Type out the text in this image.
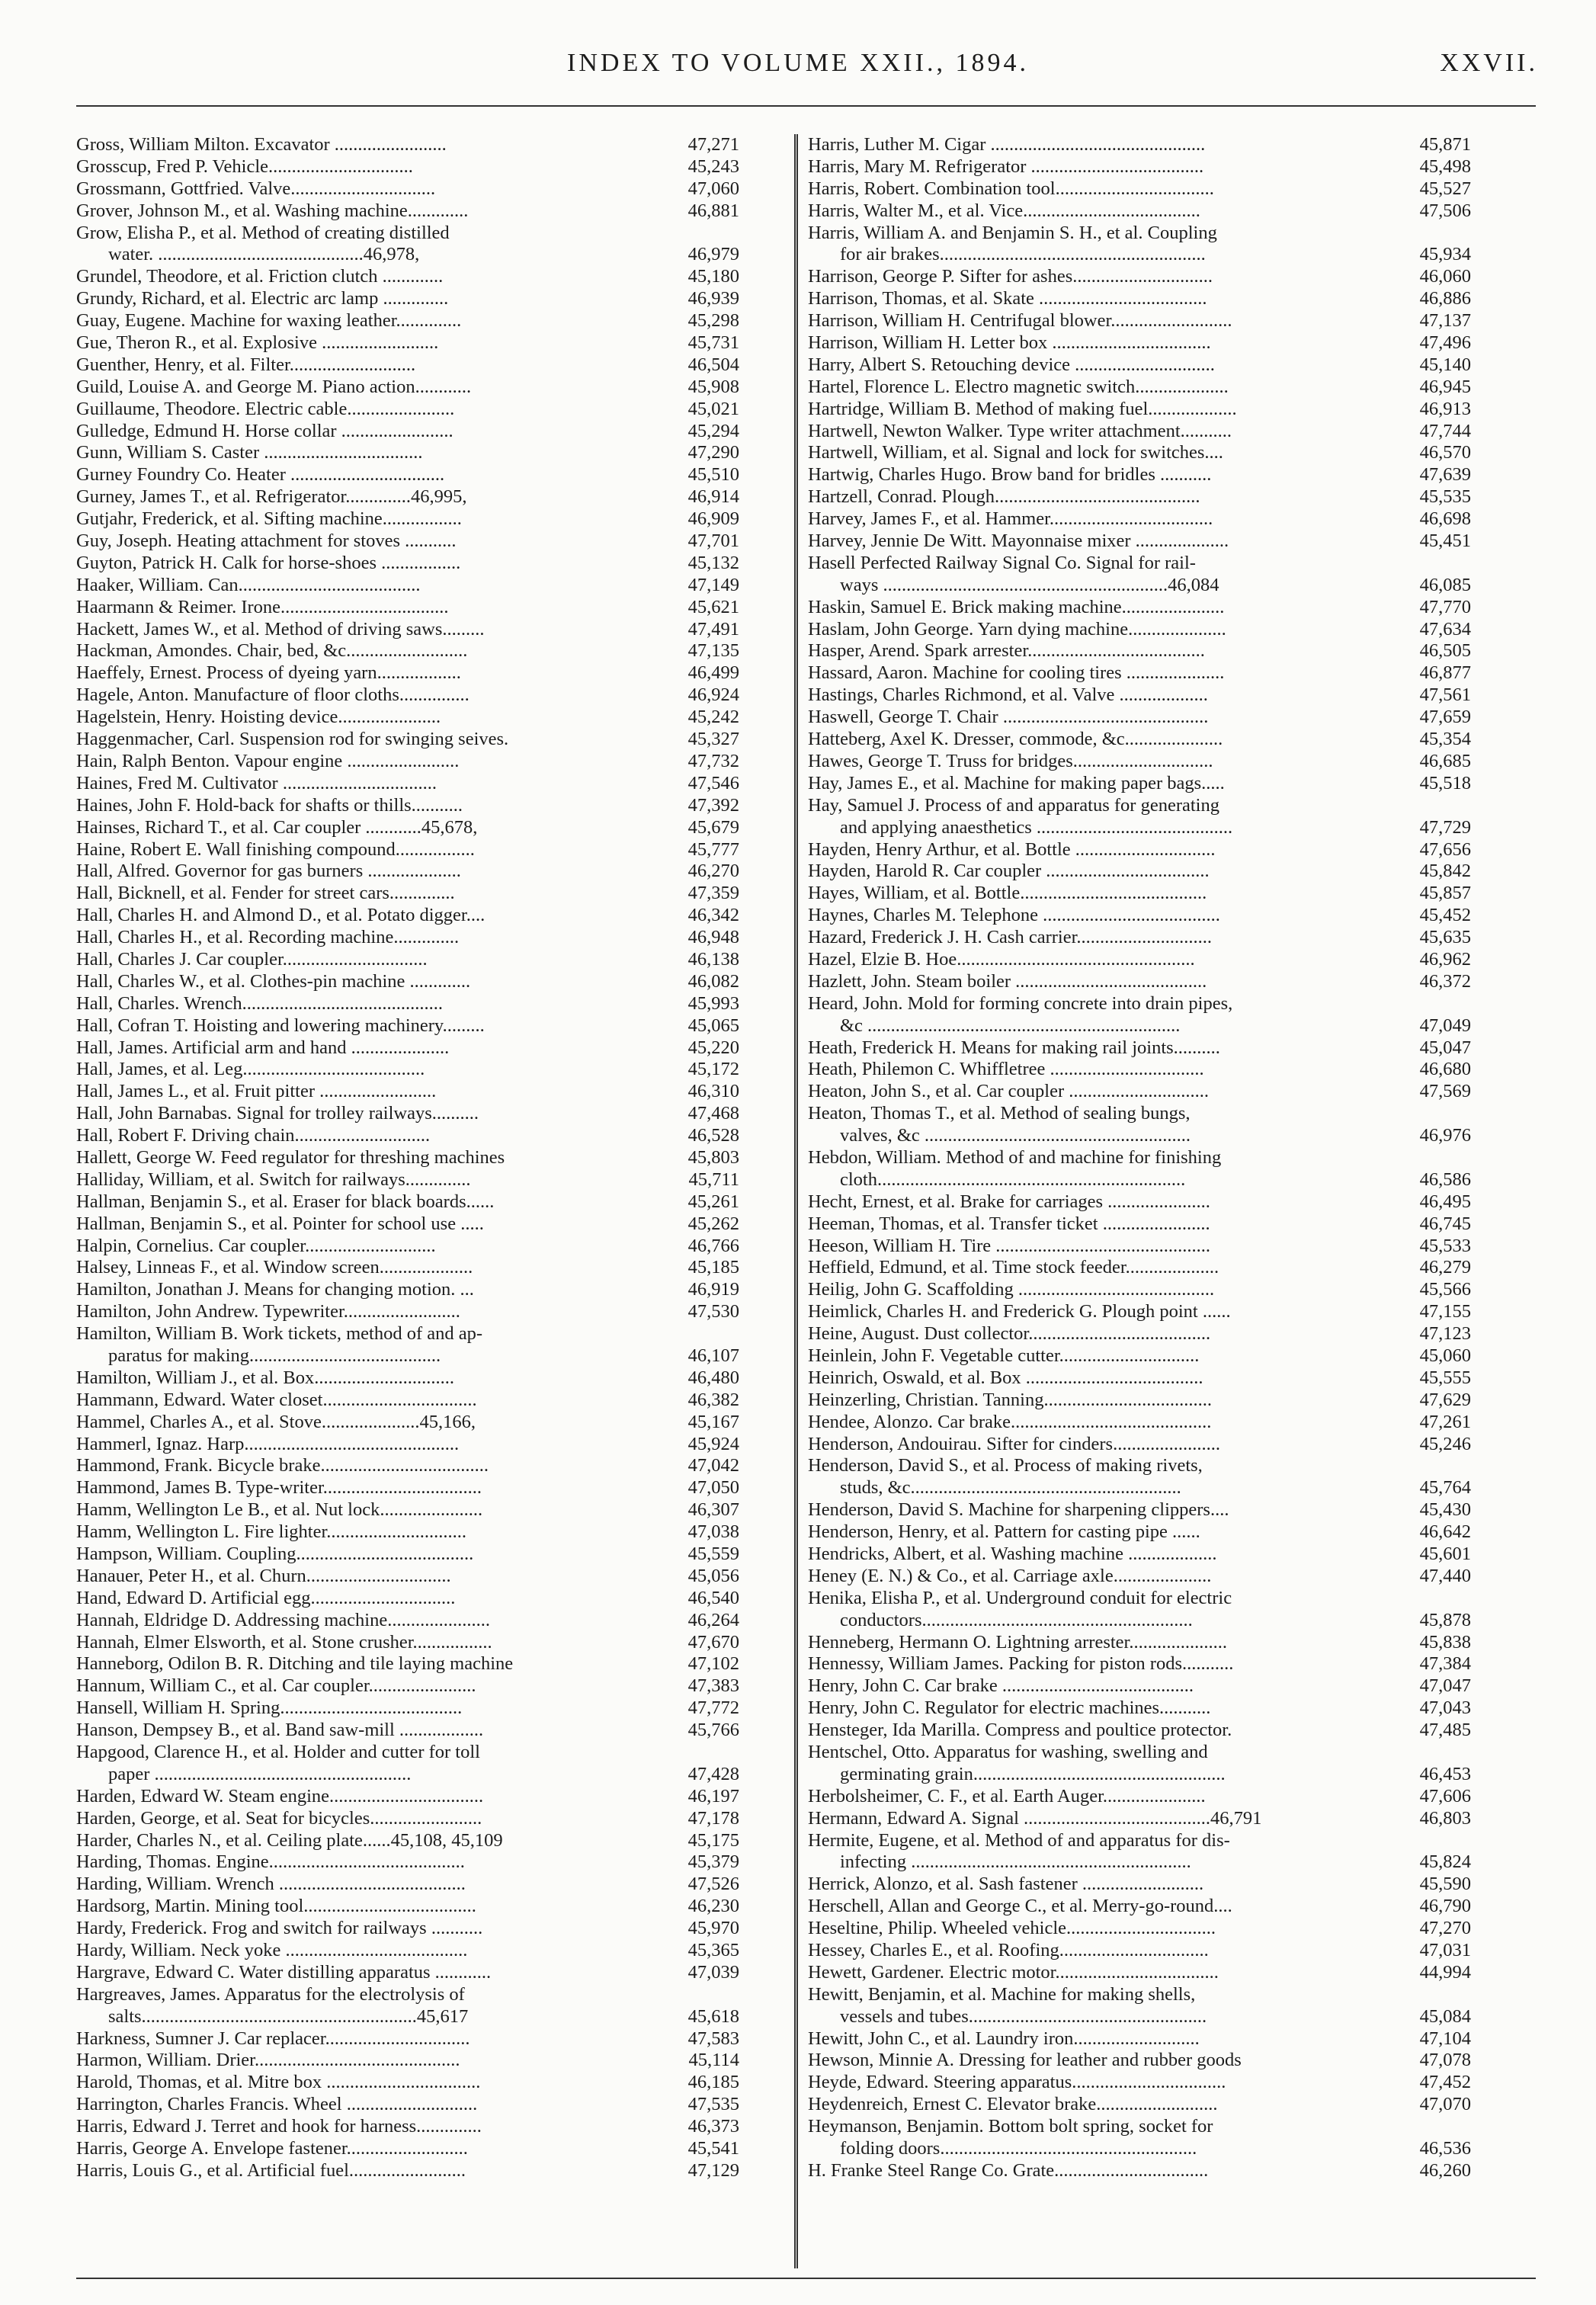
INDEX TO VOLUME XXII., 1894.	XXVII.
Gross, William Milton. Excavator ........................	47,271
Grosscup, Fred P. Vehicle...............................	45,243
Grossmann, Gottfried. Valve...............................	47,060
Grover, Johnson M., et al. Washing machine.............	46,881
Grow, Elisha P., et al. Method of creating distilled
water. ............................................46,978,	46,979
Grundel, Theodore, et al. Friction clutch .............	45,180
Grundy, Richard, et al. Electric arc lamp ..............	46,939
Guay, Eugene. Machine for waxing leather..............	45,298
Gue, Theron R., et al. Explosive .........................	45,731
Guenther, Henry, et al. Filter...........................	46,504
Guild, Louise A. and George M. Piano action............	45,908
Guillaume, Theodore. Electric cable.......................	45,021
Gulledge, Edmund H. Horse collar ........................	45,294
Gunn, William S. Caster ..................................	47,290
Gurney Foundry Co. Heater .................................	45,510
Gurney, James T., et al. Refrigerator..............46,995,	46,914
Gutjahr, Frederick, et al. Sifting machine.................	46,909
Guy, Joseph. Heating attachment for stoves ...........	47,701
Guyton, Patrick H. Calk for horse-shoes .................	45,132
Haaker, William. Can.......................................	47,149
Haarmann & Reimer. Irone....................................	45,621
Hackett, James W., et al. Method of driving saws.........	47,491
Hackman, Amondes. Chair, bed, &c..........................	47,135
Haeffely, Ernest. Process of dyeing yarn..................	46,499
Hagele, Anton. Manufacture of floor cloths...............	46,924
Hagelstein, Henry. Hoisting device......................	45,242
Haggenmacher, Carl. Suspension rod for swinging seives.	45,327
Hain, Ralph Benton. Vapour engine ........................	47,732
Haines, Fred M. Cultivator .................................	47,546
Haines, John F. Hold-back for shafts or thills...........	47,392
Hainses, Richard T., et al. Car coupler ............45,678,	45,679
Haine, Robert E. Wall finishing compound.................	45,777
Hall, Alfred. Governor for gas burners ....................	46,270
Hall, Bicknell, et al. Fender for street cars..............	47,359
Hall, Charles H. and Almond D., et al. Potato digger....	46,342
Hall, Charles H., et al. Recording machine..............	46,948
Hall, Charles J. Car coupler...............................	46,138
Hall, Charles W., et al. Clothes-pin machine .............	46,082
Hall, Charles. Wrench...........................................	45,993
Hall, Cofran T. Hoisting and lowering machinery.........	45,065
Hall, James. Artificial arm and hand .....................	45,220
Hall, James, et al. Leg.......................................	45,172
Hall, James L., et al. Fruit pitter .........................	46,310
Hall, John Barnabas. Signal for trolley railways..........	47,468
Hall, Robert F. Driving chain.............................	46,528
Hallett, George W. Feed regulator for threshing machines	45,803
Halliday, William, et al. Switch for railways..............	45,711
Hallman, Benjamin S., et al. Eraser for black boards......	45,261
Hallman, Benjamin S., et al. Pointer for school use .....	45,262
Halpin, Cornelius. Car coupler............................	46,766
Halsey, Linneas F., et al. Window screen....................	45,185
Hamilton, Jonathan J. Means for changing motion. ...	46,919
Hamilton, John Andrew. Typewriter.........................	47,530
Hamilton, William B. Work tickets, method of and ap-
paratus for making.........................................	46,107
Hamilton, William J., et al. Box..............................	46,480
Hammann, Edward. Water closet.................................	46,382
Hammel, Charles A., et al. Stove.....................45,166,	45,167
Hammerl, Ignaz. Harp..............................................	45,924
Hammond, Frank. Bicycle brake....................................	47,042
Hammond, James B. Type-writer..................................	47,050
Hamm, Wellington Le B., et al. Nut lock......................	46,307
Hamm, Wellington L. Fire lighter..............................	47,038
Hampson, William. Coupling......................................	45,559
Hanauer, Peter H., et al. Churn...............................	45,056
Hand, Edward D. Artificial egg...............................	46,540
Hannah, Eldridge D. Addressing machine......................	46,264
Hannah, Elmer Elsworth, et al. Stone crusher.................	47,670
Hanneborg, Odilon B. R. Ditching and tile laying machine	47,102
Hannum, William C., et al. Car coupler.......................	47,383
Hansell, William H. Spring.......................................	47,772
Hanson, Dempsey B., et al. Band saw-mill ..................	45,766
Hapgood, Clarence H., et al. Holder and cutter for toll
paper .......................................................	47,428
Harden, Edward W. Steam engine.................................	46,197
Harden, George, et al. Seat for bicycles........................	47,178
Harder, Charles N., et al. Ceiling plate......45,108, 45,109	45,175
Harding, Thomas. Engine..........................................	45,379
Harding, William. Wrench ........................................	47,526
Hardsorg, Martin. Mining tool.....................................	46,230
Hardy, Frederick. Frog and switch for railways ...........	45,970
Hardy, William. Neck yoke .......................................	45,365
Hargrave, Edward C. Water distilling apparatus ............	47,039
Hargreaves, James. Apparatus for the electrolysis of
salts...........................................................45,617	45,618
Harkness, Sumner J. Car replacer...............................	47,583
Harmon, William. Drier............................................	45,114
Harold, Thomas, et al. Mitre box .................................	46,185
Harrington, Charles Francis. Wheel ............................	47,535
Harris, Edward J. Terret and hook for harness..............	46,373
Harris, George A. Envelope fastener..........................	45,541
Harris, Louis G., et al. Artificial fuel.........................	47,129
Harris, Luther M. Cigar ..............................................	45,871
Harris, Mary M. Refrigerator .....................................	45,498
Harris, Robert. Combination tool..................................	45,527
Harris, Walter M., et al. Vice......................................	47,506
Harris, William A. and Benjamin S. H., et al. Coupling
for air brakes.........................................................	45,934
Harrison, George P. Sifter for ashes..............................	46,060
Harrison, Thomas, et al. Skate ....................................	46,886
Harrison, William H. Centrifugal blower..........................	47,137
Harrison, William H. Letter box ..................................	47,496
Harry, Albert S. Retouching device ..............................	45,140
Hartel, Florence L. Electro magnetic switch....................	46,945
Hartridge, William B. Method of making fuel...................	46,913
Hartwell, Newton Walker. Type writer attachment...........	47,744
Hartwell, William, et al. Signal and lock for switches....	46,570
Hartwig, Charles Hugo. Brow band for bridles ...........	47,639
Hartzell, Conrad. Plough............................................	45,535
Harvey, James F., et al. Hammer...................................	46,698
Harvey, Jennie De Witt. Mayonnaise mixer ....................	45,451
Hasell Perfected Railway Signal Co. Signal for rail-
ways .............................................................46,084	46,085
Haskin, Samuel E. Brick making machine......................	47,770
Haslam, John George. Yarn dying machine.....................	47,634
Hasper, Arend. Spark arrester......................................	46,505
Hassard, Aaron. Machine for cooling tires .....................	46,877
Hastings, Charles Richmond, et al. Valve ...................	47,561
Haswell, George T. Chair ............................................	47,659
Hatteberg, Axel K. Dresser, commode, &c.....................	45,354
Hawes, George T. Truss for bridges..............................	46,685
Hay, James E., et al. Machine for making paper bags.....	45,518
Hay, Samuel J. Process of and apparatus for generating
and applying anaesthetics ..........................................	47,729
Hayden, Henry Arthur, et al. Bottle ..............................	47,656
Hayden, Harold R. Car coupler ...................................	45,842
Hayes, William, et al. Bottle........................................	45,857
Haynes, Charles M. Telephone ......................................	45,452
Hazard, Frederick J. H. Cash carrier.............................	45,635
Hazel, Elzie B. Hoe...................................................	46,962
Hazlett, John. Steam boiler .........................................	46,372
Heard, John. Mold for forming concrete into drain pipes,
&c ...................................................................	47,049
Heath, Frederick H. Means for making rail joints..........	45,047
Heath, Philemon C. Whiffletree .................................	46,680
Heaton, John S., et al. Car coupler ..............................	47,569
Heaton, Thomas T., et al. Method of sealing bungs,
valves, &c .........................................................	46,976
Hebdon, William. Method of and machine for finishing
cloth..................................................................	46,586
Hecht, Ernest, et al. Brake for carriages ......................	46,495
Heeman, Thomas, et al. Transfer ticket .......................	46,745
Heeson, William H. Tire ..............................................	45,533
Heffield, Edmund, et al. Time stock feeder....................	46,279
Heilig, John G. Scaffolding ..........................................	45,566
Heimlick, Charles H. and Frederick G. Plough point ......	47,155
Heine, August. Dust collector.......................................	47,123
Heinlein, John F. Vegetable cutter..............................	45,060
Heinrich, Oswald, et al. Box ......................................	45,555
Heinzerling, Christian. Tanning....................................	47,629
Hendee, Alonzo. Car brake...........................................	47,261
Henderson, Andouirau. Sifter for cinders.......................	45,246
Henderson, David S., et al. Process of making rivets,
studs, &c..........................................................	45,764
Henderson, David S. Machine for sharpening clippers....	45,430
Henderson, Henry, et al. Pattern for casting pipe ......	46,642
Hendricks, Albert, et al. Washing machine ...................	45,601
Heney (E. N.) & Co., et al. Carriage axle.....................	47,440
Henika, Elisha P., et al. Underground conduit for electric
conductors..........................................................	45,878
Henneberg, Hermann O. Lightning arrester.....................	45,838
Hennessy, William James. Packing for piston rods...........	47,384
Henry, John C. Car brake .........................................	47,047
Henry, John C. Regulator for electric machines...........	47,043
Hensteger, Ida Marilla. Compress and poultice protector.	47,485
Hentschel, Otto. Apparatus for washing, swelling and
germinating grain......................................................	46,453
Herbolsheimer, C. F., et al. Earth Auger......................	47,606
Hermann, Edward A. Signal ........................................46,791	46,803
Hermite, Eugene, et al. Method of and apparatus for dis-
infecting ............................................................	45,824
Herrick, Alonzo, et al. Sash fastener ..........................	45,590
Herschell, Allan and George C., et al. Merry-go-round....	46,790
Heseltine, Philip. Wheeled vehicle................................	47,270
Hessey, Charles E., et al. Roofing................................	47,031
Hewett, Gardener. Electric motor...................................	44,994
Hewitt, Benjamin, et al. Machine for making shells,
vessels and tubes...................................................	45,084
Hewitt, John C., et al. Laundry iron...........................	47,104
Hewson, Minnie A. Dressing for leather and rubber goods	47,078
Heyde, Edward. Steering apparatus.................................	47,452
Heydenreich, Ernest C. Elevator brake..........................	47,070
Heymanson, Benjamin. Bottom bolt spring, socket for
folding doors.......................................................	46,536
H. Franke Steel Range Co. Grate.................................	46,260
